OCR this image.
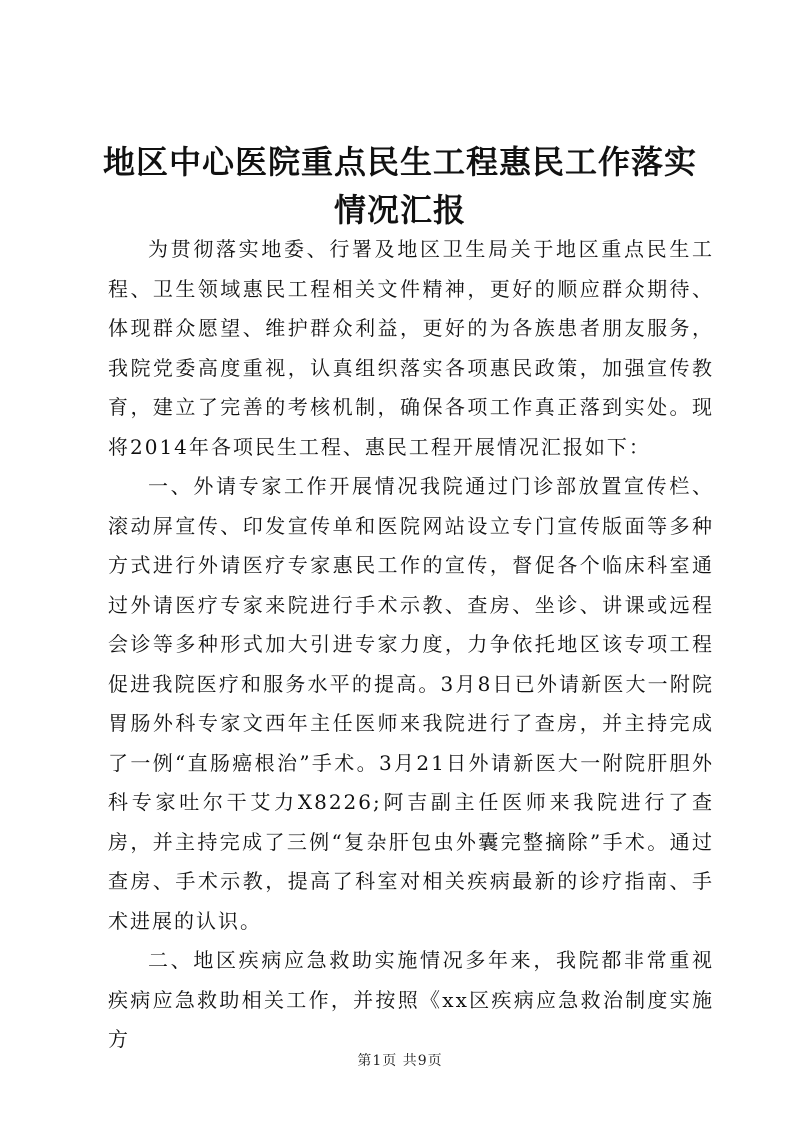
地区中心医院重点民生工程惠民工作落实情况汇报

为贯彻落实地委、行署及地区卫生局关于地区重点民生工程、卫生领域惠民工程相关文件精神，更好的顺应群众期待、体现群众愿望、维护群众利益，更好的为各族患者朋友服务，我院党委高度重视，认真组织落实各项惠民政策，加强宣传教育，建立了完善的考核机制，确保各项工作真正落到实处。现将2014年各项民生工程、惠民工程开展情况汇报如下：

一、外请专家工作开展情况我院通过门诊部放置宣传栏、滚动屏宣传、印发宣传单和医院网站设立专门宣传版面等多种方式进行外请医疗专家惠民工作的宣传，督促各个临床科室通过外请医疗专家来院进行手术示教、查房、坐诊、讲课或远程会诊等多种形式加大引进专家力度，力争依托地区该专项工程促进我院医疗和服务水平的提高。3月8日已外请新医大一附院胃肠外科专家文西年主任医师来我院进行了查房，并主持完成了一例“直肠癌根治”手术。3月21日外请新医大一附院肝胆外科专家吐尔干艾力X8226;阿吉副主任医师来我院进行了查房，并主持完成了三例“复杂肝包虫外囊完整摘除”手术。通过查房、手术示教，提高了科室对相关疾病最新的诊疗指南、手术进展的认识。

二、地区疾病应急救助实施情况多年来，我院都非常重视疾病应急救助相关工作，并按照《xx区疾病应急救治制度实施方

第1页 共9页
